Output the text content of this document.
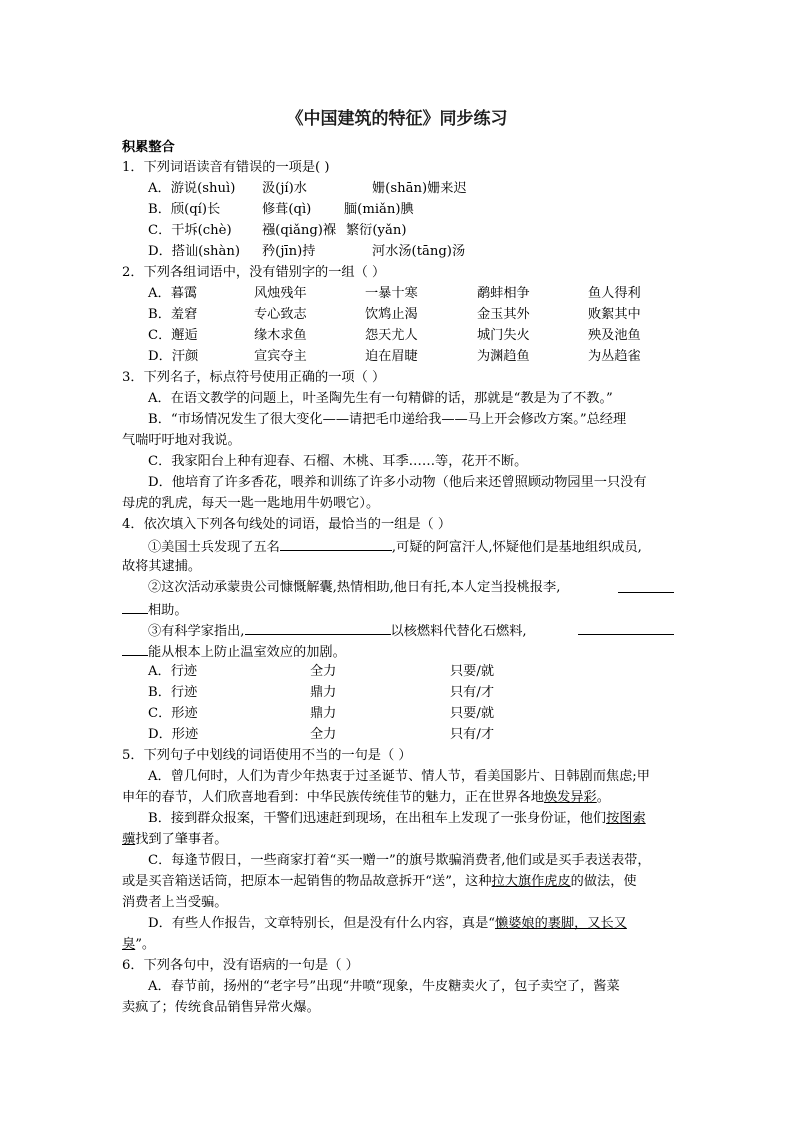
《中国建筑的特征》同步练习
积累整合
1．下列词语读音有错误的一项是( )
A．游说(shuì) 汲(jí)水	姗(shān)姗来迟
B．颀(qí)长	修葺(qì) 腼(miǎn)腆
C．干坼(chè) 襁(qiǎng)褓 繁衍(yǎn)
D．搭讪(shàn) 矜(jīn)持	河水汤(tāng)汤
2．下列各组词语中，没有错别字的一组（ ）
A．暮霭	风烛残年	一暴十寒	鹬蚌相争	鱼人得利
B．羞窘	专心致志	饮鸩止渴	金玉其外	败絮其中
C．邂逅	缘木求鱼	怨天尤人	城门失火	殃及池鱼
D．汗颜	宣宾夺主	迫在眉睫	为渊趋鱼	为丛趋雀
3．下列名子，标点符号使用正确的一项（ ）
A．在语文教学的问题上，叶圣陶先生有一句精僻的话，那就是“教是为了不教。”
B．“市场情况发生了很大变化——请把毛巾递给我——马上开会修改方案。”总经理
气喘吁吁地对我说。
C．我家阳台上种有迎春、石榴、木桃、耳季……等，花开不断。
D．他培育了许多香花，喂养和训练了许多小动物（他后来还曾照顾动物园里一只没有
母虎的乳虎，每天一匙一匙地用牛奶喂它）。
4．依次填入下列各句线处的词语，最恰当的一组是（ ）
①美国士兵发现了五名	,可疑的阿富汗人,怀疑他们是基地组织成员,
故将其逮捕。
②这次活动承蒙贵公司慷慨解囊,热情相助,他日有托,本人定当投桃报李,
相助。
③有科学家指出,	以核燃料代替化石燃料,
能从根本上防止温室效应的加剧。
A．行迹	全力	只要/就
B．行迹	鼎力	只有/才
C．形迹	鼎力	只要/就
D．形迹	全力	只有/才
5．下列句子中划线的词语使用不当的一句是（ ）
A．曾几何时，人们为青少年热衷于过圣诞节、情人节，看美国影片、日韩剧而焦虑;甲
申年的春节，人们欣喜地看到：中华民族传统佳节的魅力，正在世界各地焕发异彩。
B．接到群众报案，干警们迅速赶到现场，在出租车上发现了一张身份证，他们按图索
骥找到了肇事者。
C．每逢节假日，一些商家打着“买一赠一”的旗号欺骗消费者,他们或是买手表送表带，
或是买音箱送话筒，把原本一起销售的物品故意拆开“送”，这种拉大旗作虎皮的做法，使
消费者上当受骗。
D．有些人作报告，文章特别长，但是没有什么内容，真是“懒婆娘的裹脚，又长又
臭”。
6．下列各句中，没有语病的一句是（ ）
A．春节前，扬州的“老字号”出现“井喷“现象，牛皮糖卖火了，包子卖空了，酱菜
卖疯了；传统食品销售异常火爆。
